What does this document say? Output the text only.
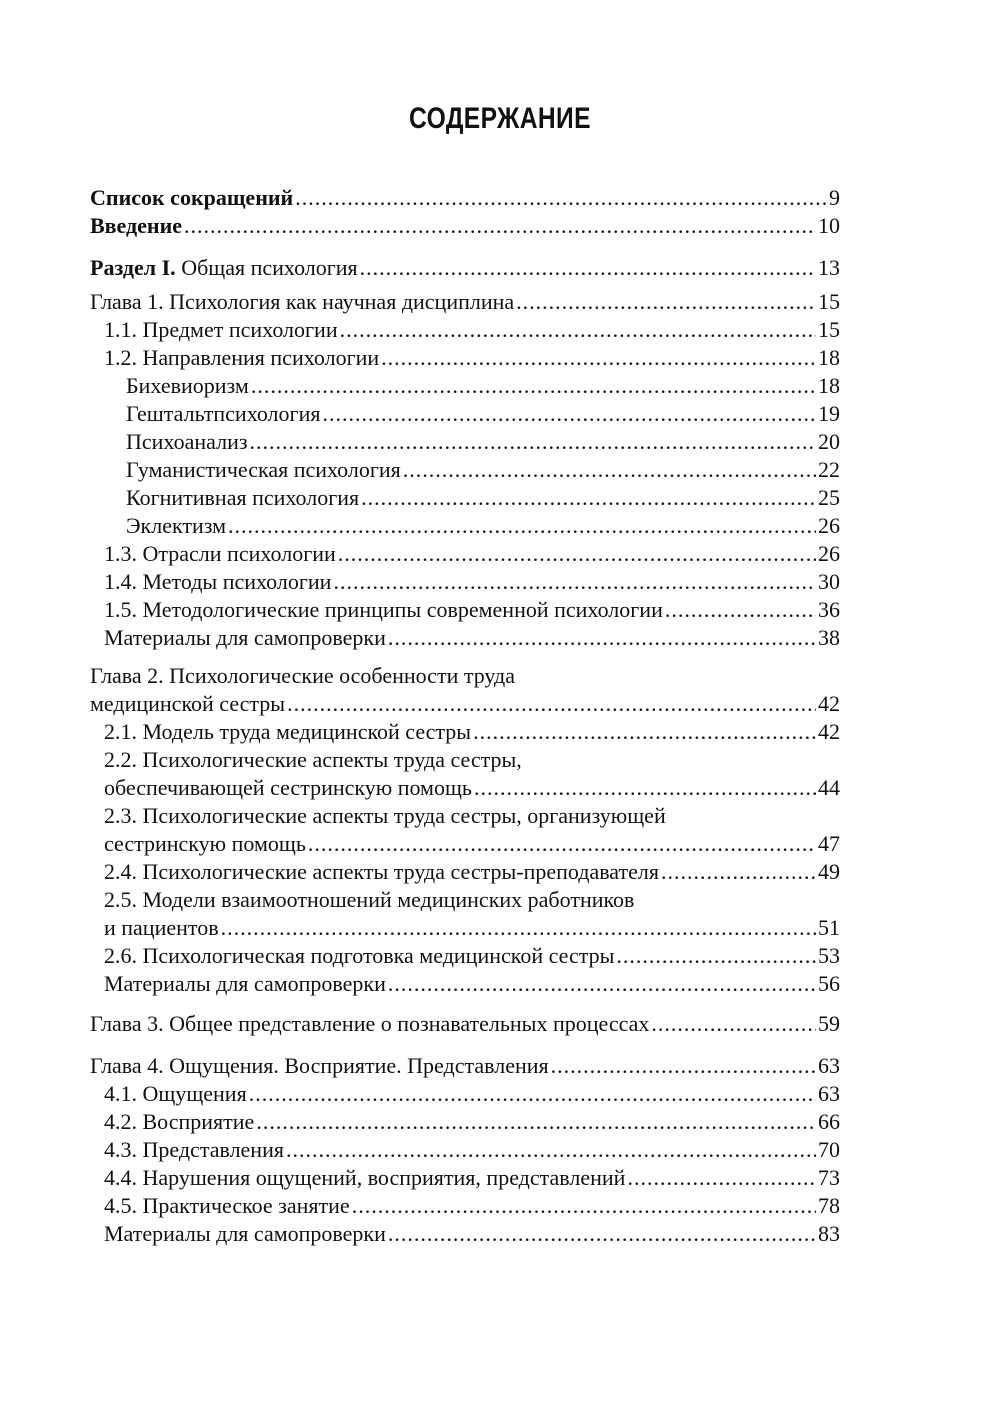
СОДЕРЖАНИЕ
Список сокращений .....	9
Введение .....	10
Раздел I. Общая психология .....	13
Глава 1. Психология как научная дисциплина .....	15
1.1. Предмет психологии .....	15
1.2. Направления психологии .....	18
Бихевиоризм .....	18
Гештальтпсихология .....	19
Психоанализ .....	20
Гуманистическая психология .....	22
Когнитивная психология .....	25
Эклектизм .....	26
1.3. Отрасли психологии .....	26
1.4. Методы психологии .....	30
1.5. Методологические принципы современной психологии .....	36
Материалы для самопроверки .....	38
Глава 2. Психологические особенности труда
медицинской сестры .....	42
2.1. Модель труда медицинской сестры .....	42
2.2. Психологические аспекты труда сестры,
обеспечивающей сестринскую помощь .....	44
2.3. Психологические аспекты труда сестры, организующей
сестринскую помощь .....	47
2.4. Психологические аспекты труда сестры-преподавателя .....	49
2.5. Модели взаимоотношений медицинских работников
и пациентов .....	51
2.6. Психологическая подготовка медицинской сестры .....	53
Материалы для самопроверки .....	56
Глава 3. Общее представление о познавательных процессах .....	59
Глава 4. Ощущения. Восприятие. Представления .....	63
4.1. Ощущения .....	63
4.2. Восприятие .....	66
4.3. Представления .....	70
4.4. Нарушения ощущений, восприятия, представлений .....	73
4.5. Практическое занятие .....	78
Материалы для самопроверки .....	83
